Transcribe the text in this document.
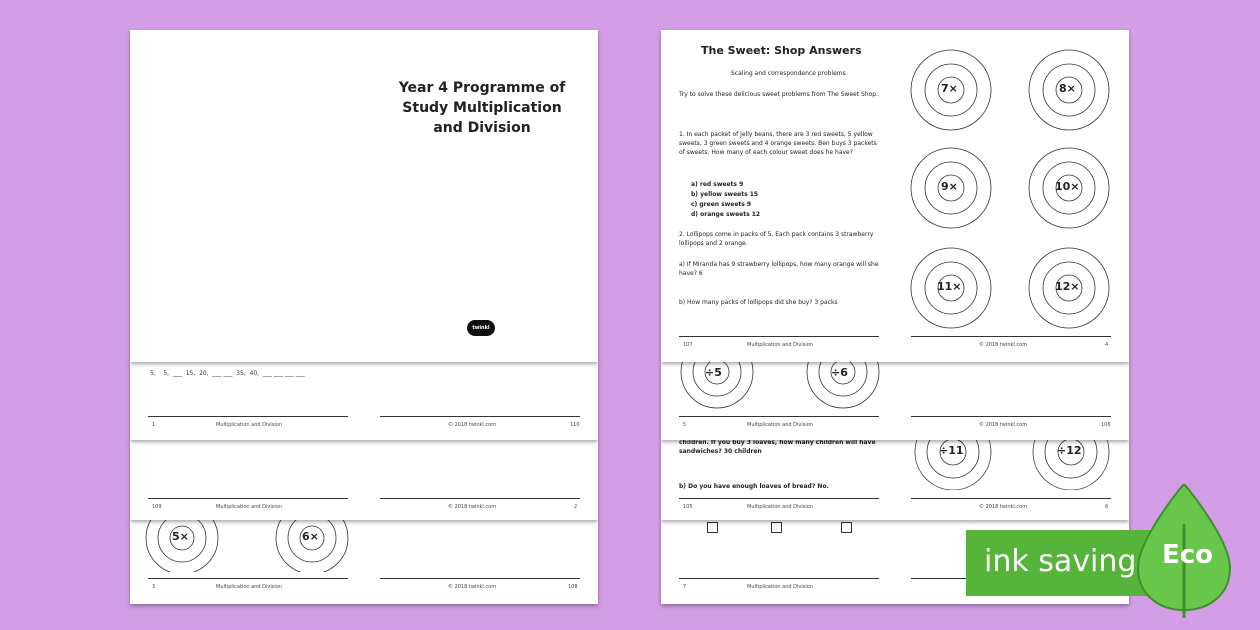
5×	6×
3	Multiplication and Division	© 2018 twinkl.com	108
109	Multiplication and Division	© 2018 twinkl.com	2
5,    5,  ___  15,  20,  ___ ___  35,  40,  ___ ___ ___ ___
1	Multiplication and Division	© 2018 twinkl.com	110
Year 4 Programme of
Study Multiplication
and Division
twinkl
7	Multiplication and Division
children. If you buy 3 loaves, how many children will have sandwiches? 30 children
b) Do you have enough loaves of bread? No.
÷11	÷12
105	Multiplication and Division	© 2018 twinkl.com	6
÷5	÷6
5	Multiplication and Division	© 2018 twinkl.com	106
The Sweet: Shop Answers
Scaling and correspondence problems
Try to solve these delicious sweet problems from The Sweet Shop.
1. In each packet of jelly beans, there are 3 red sweets, 5 yellow sweets, 3 green sweets and 4 orange sweets. Ben buys 3 packets of sweets. How many of each colour sweet does he have?
a) red sweets 9
b) yellow sweets 15
c) green sweets 9
d) orange sweets 12
2. Lollipops come in packs of 5. Each pack contains 3 strawberry lollipops and 2 orange.
a) If Miranda has 9 strawberry lollipops, how many orange will she have? 6
b) How many packs of lollipops did she buy? 3 packs
7×	8×
9×	10×
11×	12×
107	Multiplication and Division	© 2018 twinkl.com	4
ink saving Eco
